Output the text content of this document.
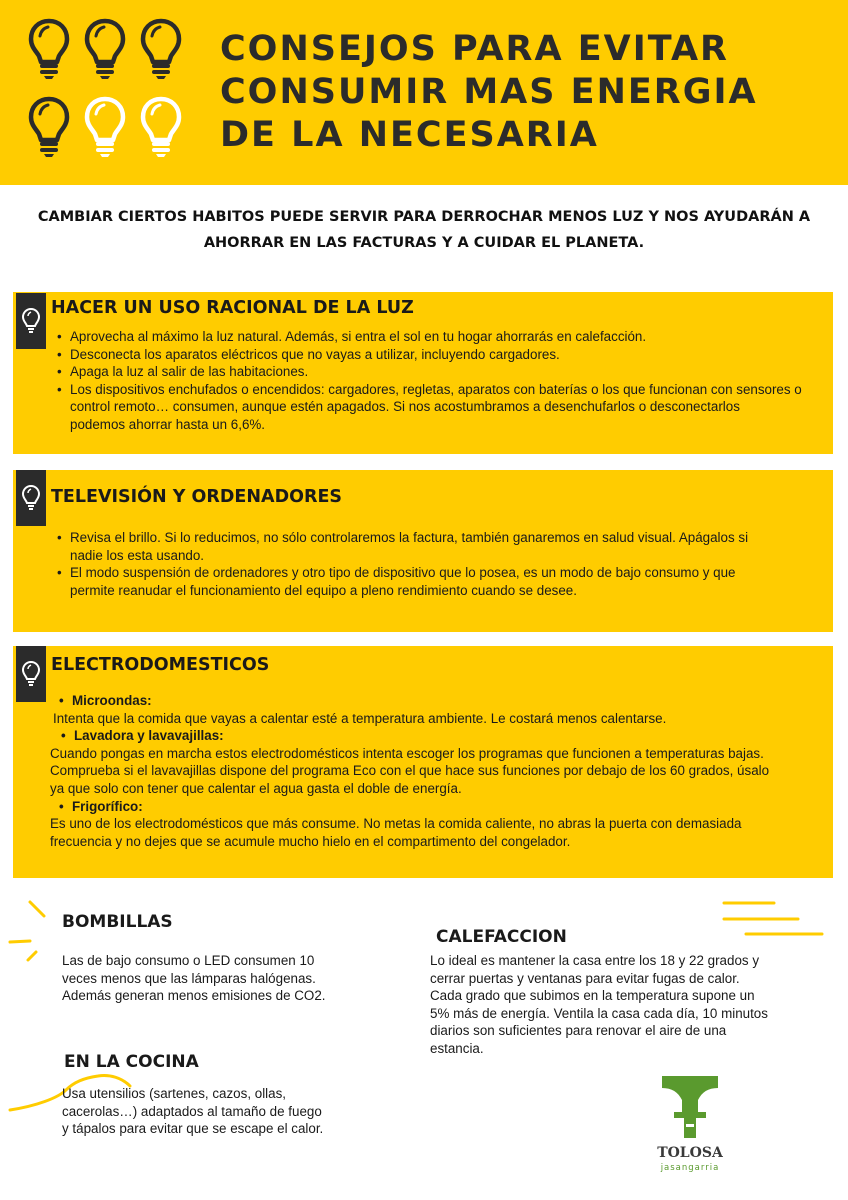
CONSEJOS PARA EVITAR
CONSUMIR MAS ENERGIA
DE LA NECESARIA
CAMBIAR CIERTOS HABITOS PUEDE SERVIR PARA DERROCHAR MENOS LUZ Y NOS AYUDARÁN A
AHORRAR EN LAS FACTURAS Y A CUIDAR EL PLANETA.
HACER UN USO RACIONAL DE LA LUZ
• Aprovecha al máximo la luz natural. Además, si entra el sol en tu hogar ahorrarás en calefacción.
• Desconecta los aparatos eléctricos que no vayas a utilizar, incluyendo cargadores.
• Apaga la luz al salir de las habitaciones.
• Los dispositivos enchufados o encendidos: cargadores, regletas, aparatos con baterías o los que funcionan con sensores o
control remoto… consumen, aunque estén apagados. Si nos acostumbramos a desenchufarlos o desconectarlos
podemos ahorrar hasta un 6,6%.
TELEVISIÓN Y ORDENADORES
• Revisa el brillo. Si lo reducimos, no sólo controlaremos la factura, también ganaremos en salud visual. Apágalos si
nadie los esta usando.
• El modo suspensión de ordenadores y otro tipo de dispositivo que lo posea, es un modo de bajo consumo y que
permite reanudar el funcionamiento del equipo a pleno rendimiento cuando se desee.
ELECTRODOMESTICOS
• Microondas:
Intenta que la comida que vayas a calentar esté a temperatura ambiente. Le costará menos calentarse.
• Lavadora y lavavajillas:
Cuando pongas en marcha estos electrodomésticos intenta escoger los programas que funcionen a temperaturas bajas.
Comprueba si el lavavajillas dispone del programa Eco con el que hace sus funciones por debajo de los 60 grados, úsalo
ya que solo con tener que calentar el agua gasta el doble de energía.
• Frigorífico:
Es uno de los electrodomésticos que más consume. No metas la comida caliente, no abras la puerta con demasiada
frecuencia y no dejes que se acumule mucho hielo en el compartimento del congelador.
BOMBILLAS
Las de bajo consumo o LED consumen 10
veces menos que las lámparas halógenas.
Además generan menos emisiones de CO2.
CALEFACCION
Lo ideal es mantener la casa entre los 18 y 22 grados y
cerrar puertas y ventanas para evitar fugas de calor.
Cada grado que subimos en la temperatura supone un
5% más de energía. Ventila la casa cada día, 10 minutos
diarios son suficientes para renovar el aire de una
estancia.
EN LA COCINA
Usa utensilios (sartenes, cazos, ollas,
cacerolas…) adaptados al tamaño de fuego
y tápalos para evitar que se escape el calor.
TOLOSA
jasangarria
